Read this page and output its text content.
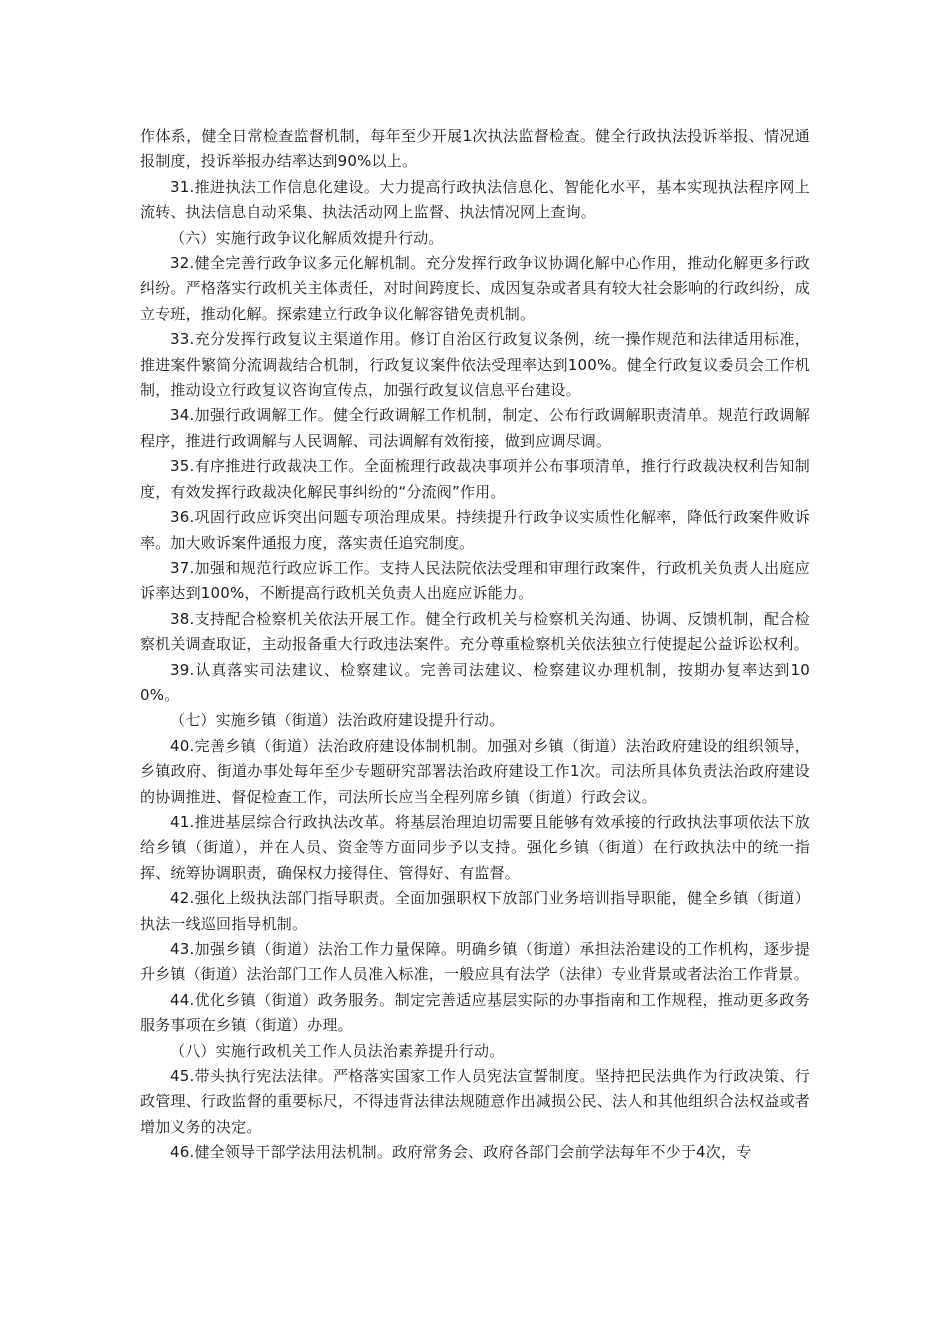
作体系，健全日常检查监督机制，每年至少开展1次执法监督检查。健全行政执法投诉举报、情况通报制度，投诉举报办结率达到90%以上。

31.推进执法工作信息化建设。大力提高行政执法信息化、智能化水平，基本实现执法程序网上流转、执法信息自动采集、执法活动网上监督、执法情况网上查询。

（六）实施行政争议化解质效提升行动。

32.健全完善行政争议多元化解机制。充分发挥行政争议协调化解中心作用，推动化解更多行政纠纷。严格落实行政机关主体责任，对时间跨度长、成因复杂或者具有较大社会影响的行政纠纷，成立专班，推动化解。探索建立行政争议化解容错免责机制。

33.充分发挥行政复议主渠道作用。修订自治区行政复议条例，统一操作规范和法律适用标准，推进案件繁简分流调裁结合机制，行政复议案件依法受理率达到100%。健全行政复议委员会工作机制，推动设立行政复议咨询宣传点，加强行政复议信息平台建设。

34.加强行政调解工作。健全行政调解工作机制，制定、公布行政调解职责清单。规范行政调解程序，推进行政调解与人民调解、司法调解有效衔接，做到应调尽调。

35.有序推进行政裁决工作。全面梳理行政裁决事项并公布事项清单，推行行政裁决权利告知制度，有效发挥行政裁决化解民事纠纷的“分流阀”作用。

36.巩固行政应诉突出问题专项治理成果。持续提升行政争议实质性化解率，降低行政案件败诉率。加大败诉案件通报力度，落实责任追究制度。

37.加强和规范行政应诉工作。支持人民法院依法受理和审理行政案件，行政机关负责人出庭应诉率达到100%，不断提高行政机关负责人出庭应诉能力。

38.支持配合检察机关依法开展工作。健全行政机关与检察机关沟通、协调、反馈机制，配合检察机关调查取证，主动报备重大行政违法案件。充分尊重检察机关依法独立行使提起公益诉讼权利。

39.认真落实司法建议、检察建议。完善司法建议、检察建议办理机制，按期办复率达到100%。

（七）实施乡镇（街道）法治政府建设提升行动。

40.完善乡镇（街道）法治政府建设体制机制。加强对乡镇（街道）法治政府建设的组织领导，乡镇政府、街道办事处每年至少专题研究部署法治政府建设工作1次。司法所具体负责法治政府建设的协调推进、督促检查工作，司法所长应当全程列席乡镇（街道）行政会议。

41.推进基层综合行政执法改革。将基层治理迫切需要且能够有效承接的行政执法事项依法下放给乡镇（街道），并在人员、资金等方面同步予以支持。强化乡镇（街道）在行政执法中的统一指挥、统筹协调职责，确保权力接得住、管得好、有监督。

42.强化上级执法部门指导职责。全面加强职权下放部门业务培训指导职能，健全乡镇（街道）执法一线巡回指导机制。

43.加强乡镇（街道）法治工作力量保障。明确乡镇（街道）承担法治建设的工作机构，逐步提升乡镇（街道）法治部门工作人员准入标准，一般应具有法学（法律）专业背景或者法治工作背景。

44.优化乡镇（街道）政务服务。制定完善适应基层实际的办事指南和工作规程，推动更多政务服务事项在乡镇（街道）办理。

（八）实施行政机关工作人员法治素养提升行动。

45.带头执行宪法法律。严格落实国家工作人员宪法宣誓制度。坚持把民法典作为行政决策、行政管理、行政监督的重要标尺，不得违背法律法规随意作出减损公民、法人和其他组织合法权益或者增加义务的决定。

46.健全领导干部学法用法机制。政府常务会、政府各部门会前学法每年不少于4次，专
